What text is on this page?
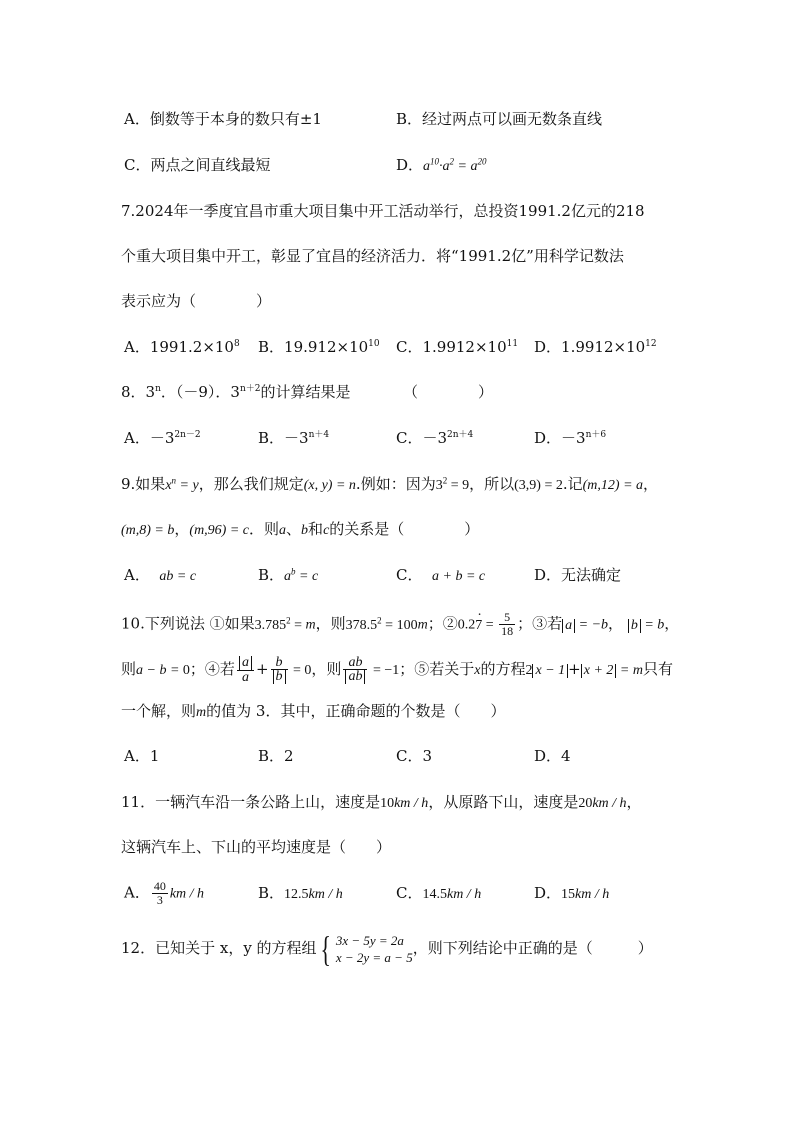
A．倒数等于本身的数只有±1	B．经过两点可以画无数条直线
C．两点之间直线最短	D．$a^{10}\cdot a^2 = a^{20}$
7.2024年一季度宜昌市重大项目集中开工活动举行，总投资1991.2亿元的218
个重大项目集中开工，彰显了宜昌的经济活力．将“1991.2亿”用科学记数法
表示应为（　　　　）
A．$1991.2\times 10^8$ B．$19.912\times 10^{10}$ C．$1.9912\times 10^{11}$ D．$1.9912\times 10^{12}$
8．3$^n$．（－9）．$3^{n+2}$的计算结果是　　　　（　　　　）
A．$-3^{2n-2}$	B．$-3^{n+4}$	C．$-3^{2n+4}$	D．$-3^{n+6}$
9.如果$x^n = y$，那么我们规定(x, y) = n.例如：因为$3^2 = 9$，所以(3,9) = 2.记(m,12) = a，
(m,8) = b，(m,96) = c．则a、b和c的关系是（　　　　）
A． ab = c	B．$a^b = c$	C． a + b = c	D．无法确定
10.下列说法 ①如果$3.785^2 = m$，则$378.5^2 = 100m$；②0.2· $7 = \frac{5}{18}$ ；③若 a = −b， b = b，
则a − b = 0；④若 $\frac{a}{a} + \frac{b}{b} = 0$，则 $\frac{ab}{ab} = -1$；⑤若关于x的方程2 x − 1 + x + 2 = m只有
一个解，则m的值为 3．其中，正确命题的个数是（　　）
A．1	B．2	C．3	D．4
11．一辆汽车沿一条公路上山，速度是10km / h，从原路下山，速度是20km / h，
这辆汽车上、下山的平均速度是（　　）
A． $\frac{40}{3}$ km / h	B．12.5km / h	C．14.5km / h	D．15km / h
12．已知关于 x，y 的方程组 { 3x − 5y = 2a
x − 2y = a − 5
，则下列结论中正确的是（　　　）
